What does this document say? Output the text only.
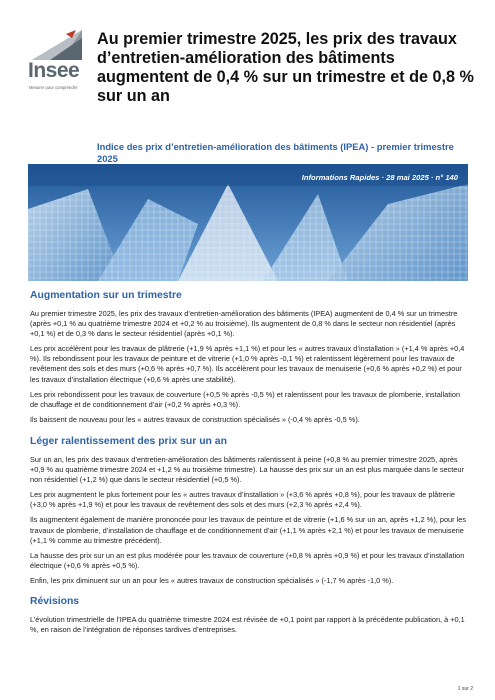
Insee
Mesurer pour comprendre
Au premier trimestre 2025, les prix des travaux d’entretien-amélioration des bâtiments augmentent de 0,4 % sur un trimestre et de 0,8 % sur un an

Indice des prix d’entretien-amélioration des bâtiments (IPEA) - premier trimestre 2025

Informations Rapides · 28 mai 2025 · n° 140
Augmentation sur un trimestre

Au premier trimestre 2025, les prix des travaux d’entretien-amélioration des bâtiments (IPEA) augmentent de 0,4 % sur un trimestre (après +0,1 % au quatrième trimestre 2024 et +0,2 % au troisième). Ils augmentent de 0,8 % dans le secteur non résidentiel (après +0,1 %) et de 0,3 % dans le secteur résidentiel (après +0,1 %).

Les prix accélèrent pour les travaux de plâtrerie (+1,9 % après +1,1 %) et pour les « autres travaux d’installation » (+1,4 % après +0,4 %). Ils rebondissent pour les travaux de peinture et de vitrerie (+1,0 % après -0,1 %) et ralentissent légèrement pour les travaux de revêtement des sols et des murs (+0,6 % après +0,7 %). Ils accélèrent pour les travaux de menuiserie (+0,6 % après +0,2 %) et pour les travaux d’installation électrique (+0,6 % après une stabilité).

Les prix rebondissent pour les travaux de couverture (+0,5 % après -0,5 %) et ralentissent pour les travaux de plomberie, installation de chauffage et de conditionnement d’air (+0,2 % après +0,3 %).

Ils baissent de nouveau pour les « autres travaux de construction spécialisés » (-0,4 % après -0,5 %).

Léger ralentissement des prix sur un an

Sur un an, les prix des travaux d’entretien-amélioration des bâtiments ralentissent à peine (+0,8 % au premier trimestre 2025, après +0,9 % au quatrième trimestre 2024 et +1,2 % au troisième trimestre). La hausse des prix sur un an est plus marquée dans le secteur non résidentiel (+1,2 %) que dans le secteur résidentiel (+0,5 %).

Les prix augmentent le plus fortement pour les « autres travaux d’installation » (+3,6 % après +0,8 %), pour les travaux de plâtrerie (+3,0 % après +1,9 %) et pour les travaux de revêtement des sols et des murs (+2,3 % après +2,4 %).

Ils augmentent également de manière prononcée pour les travaux de peinture et de vitrerie (+1,6 % sur un an, après +1,2 %), pour les travaux de plomberie, d’installation de chauffage et de conditionnement d’air (+1,1 % après +2,1 %) et pour les travaux de menuiserie (+1,1 % comme au trimestre précédent).

La hausse des prix sur un an est plus modérée pour les travaux de couverture (+0,8 % après +0,9 %) et pour les travaux d’installation électrique (+0,6 % après +0,5 %).

Enfin, les prix diminuent sur un an pour les « autres travaux de construction spécialisés » (-1,7 % après -1,0 %).

Révisions

L’évolution trimestrielle de l’IPEA du quatrième trimestre 2024 est révisée de +0,1 point par rapport à la précédente publication, à +0,1 %, en raison de l’intégration de réponses tardives d’entreprises.

1 sur 2
